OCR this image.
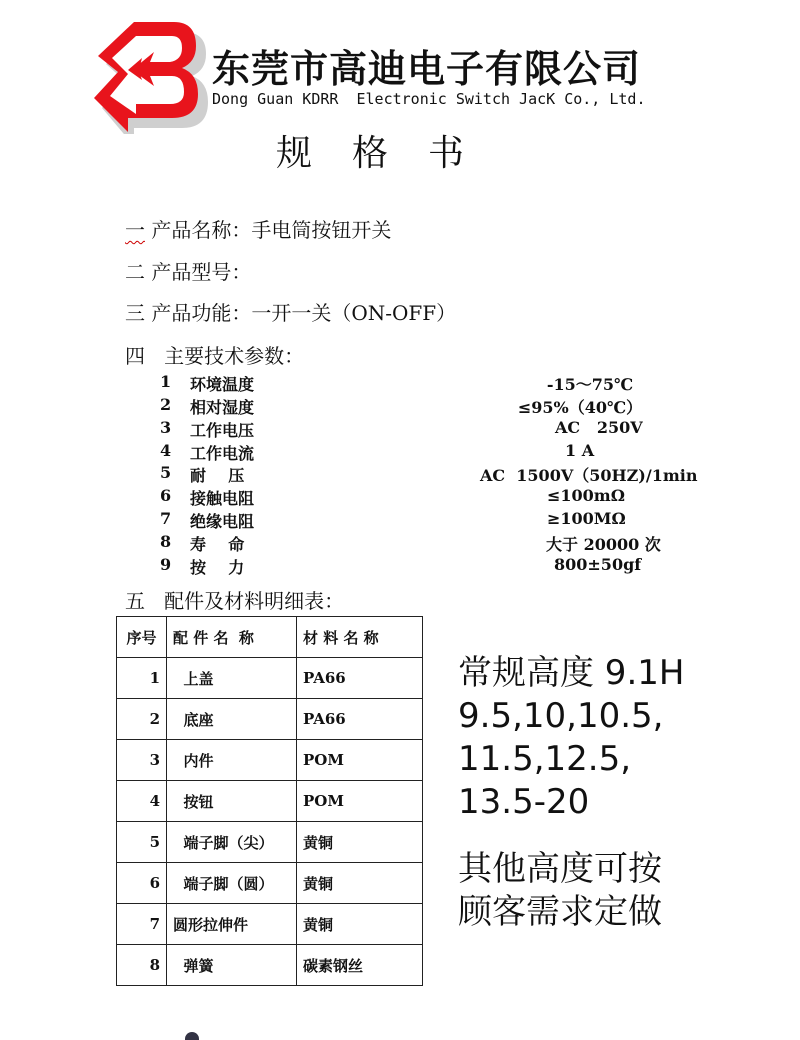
东莞市高迪电子有限公司
Dong Guan KDRR  Electronic Switch JacK Co., Ltd.
规格书
一 产品名称：手电筒按钮开关
二 产品型号：
三 产品功能：一开一关（ON-OFF）
四   主要技术参数：
1	环境温度	-15～75℃
2	相对湿度	≤95%（40℃）
3	工作电压	AC   250V
4	工作电流	1 A
5	耐    压	AC  1500V（50HZ)/1min
6	接触电阻	≤100mΩ
7	绝缘电阻	≥100MΩ
8	寿    命	大于 20000 次
9	按    力	800±50gf
五   配件及材料明细表：
序号	配 件 名  称	材 料 名 称
1	上盖	PA66
2	底座	PA66
3	内件	POM
4	按钮	POM
5	端子脚（尖）	黄铜
6	端子脚（圆）	黄铜
7	圆形拉伸件	黄铜
8	弹簧	碳素钢丝
常规高度 9.1H
9.5,10,10.5,
11.5,12.5,
13.5-20
其他高度可按
顾客需求定做
